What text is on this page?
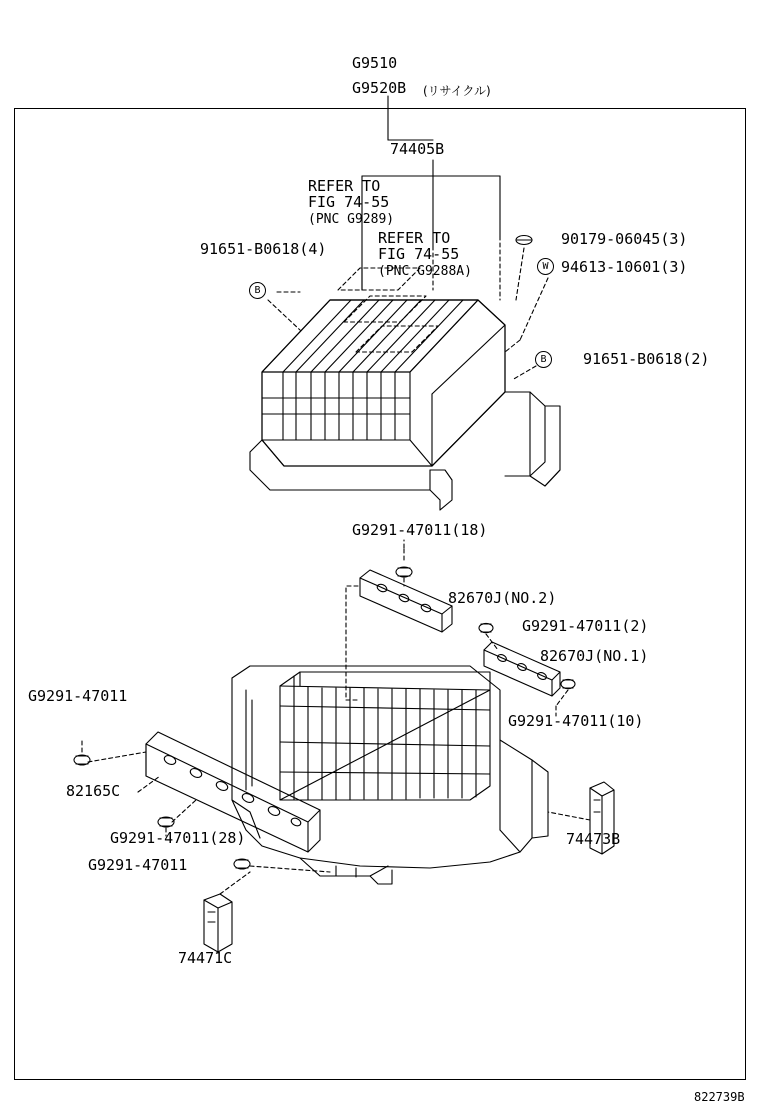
G9510
G9520B (リサイクル)
74405B
REFER TO
FIG 74-55
(PNC G9289)
REFER TO
FIG 74-55
(PNC G9288A)
91651-B0618(4)
B
90179-06045(3)
94613-10601(3)
W
91651-B0618(2)
B
G9291-47011(18)
82670J(NO.2)
G9291-47011(2)
82670J(NO.1)
G9291-47011(10)
G9291-47011
82165C
G9291-47011(28)
G9291-47011
74473B
74471C
822739B
